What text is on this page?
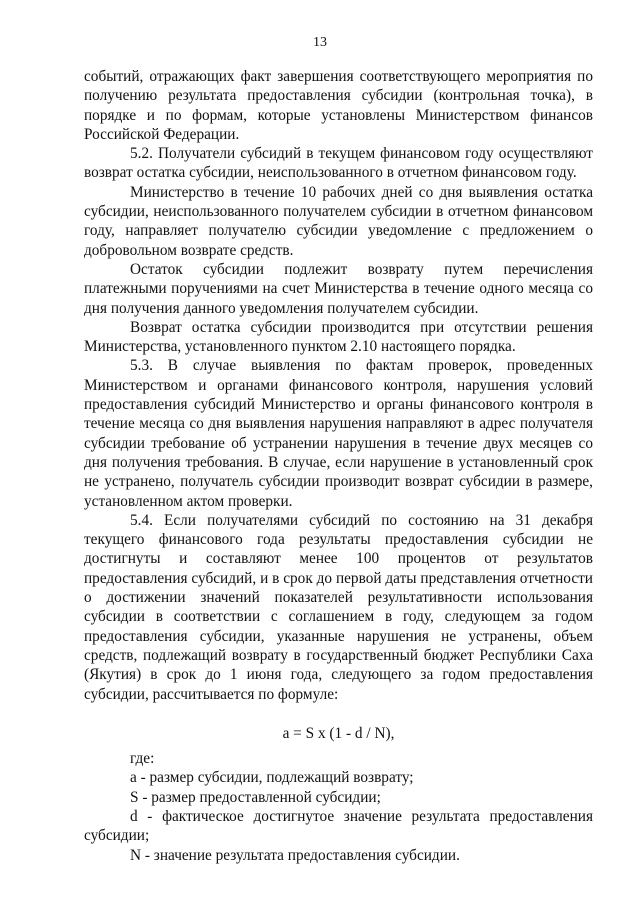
13

событий, отражающих факт завершения соответствующего мероприятия по получению результата предоставления субсидии (контрольная точка), в порядке и по формам, которые установлены Министерством финансов Российской Федерации.

5.2. Получатели субсидий в текущем финансовом году осуществляют возврат остатка субсидии, неиспользованного в отчетном финансовом году.

Министерство в течение 10 рабочих дней со дня выявления остатка субсидии, неиспользованного получателем субсидии в отчетном финансовом году, направляет получателю субсидии уведомление с предложением о добровольном возврате средств.

Остаток субсидии подлежит возврату путем перечисления платежными поручениями на счет Министерства в течение одного месяца со дня получения данного уведомления получателем субсидии.

Возврат остатка субсидии производится при отсутствии решения Министерства, установленного пунктом 2.10 настоящего порядка.

5.3. В случае выявления по фактам проверок, проведенных Министерством и органами финансового контроля, нарушения условий предоставления субсидий Министерство и органы финансового контроля в течение месяца со дня выявления нарушения направляют в адрес получателя субсидии требование об устранении нарушения в течение двух месяцев со дня получения требования. В случае, если нарушение в установленный срок не устранено, получатель субсидии производит возврат субсидии в размере, установленном актом проверки.

5.4. Если получателями субсидий по состоянию на 31 декабря текущего финансового года результаты предоставления субсидии не достигнуты и составляют менее 100 процентов от результатов предоставления субсидий, и в срок до первой даты представления отчетности о достижении значений показателей результативности использования субсидии в соответствии с соглашением в году, следующем за годом предоставления субсидии, указанные нарушения не устранены, объем средств, подлежащий возврату в государственный бюджет Республики Саха (Якутия) в срок до 1 июня года, следующего за годом предоставления субсидии, рассчитывается по формуле:

a = S x (1 - d / N),

где:

a - размер субсидии, подлежащий возврату;

S - размер предоставленной субсидии;

d - фактическое достигнутое значение результата предоставления субсидии;

N - значение результата предоставления субсидии.
